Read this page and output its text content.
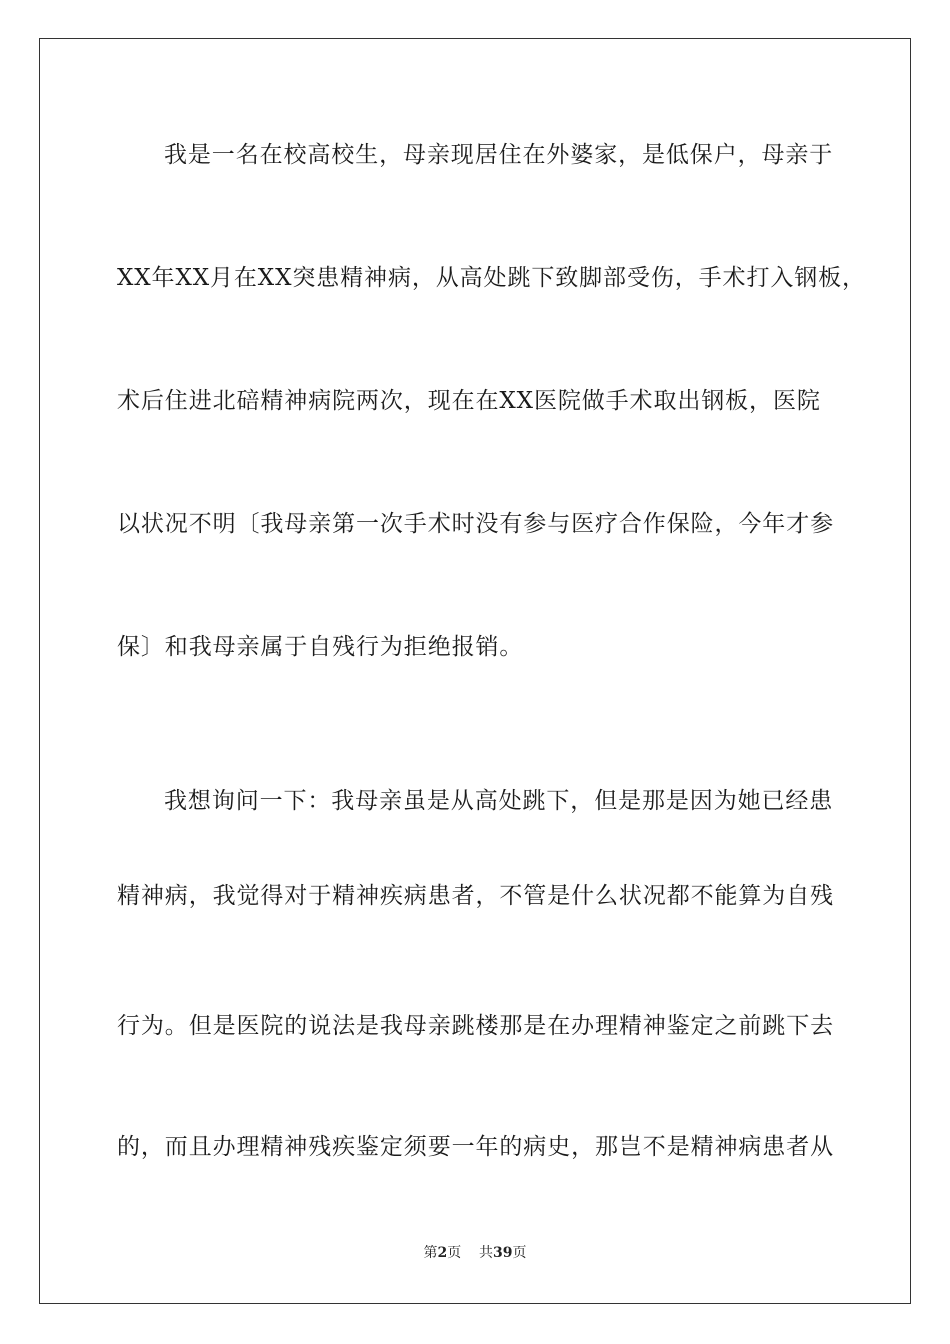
我是一名在校高校生，母亲现居住在外婆家，是低保户，母亲于
XX年XX月在XX突患精神病，从高处跳下致脚部受伤，手术打入钢板，
术后住进北碚精神病院两次，现在在XX医院做手术取出钢板，医院
以状况不明〔我母亲第一次手术时没有参与医疗合作保险，今年才参
保〕和我母亲属于自残行为拒绝报销。
我想询问一下：我母亲虽是从高处跳下，但是那是因为她已经患
精神病，我觉得对于精神疾病患者，不管是什么状况都不能算为自残
行为。但是医院的说法是我母亲跳楼那是在办理精神鉴定之前跳下去
的，而且办理精神残疾鉴定须要一年的病史，那岂不是精神病患者从
第2页 共39页
